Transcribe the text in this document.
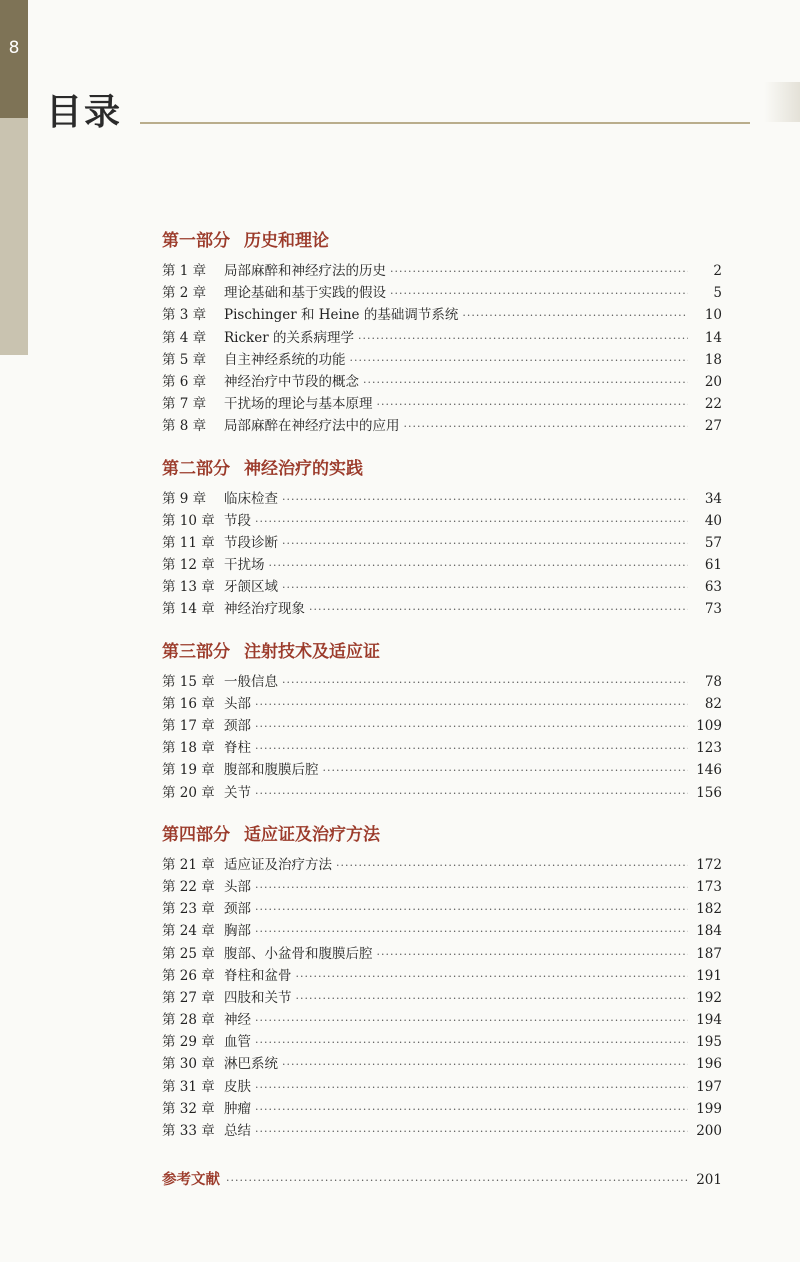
8
目录
第一部分 历史和理论
第 1 章	局部麻醉和神经疗法的历史 ·····	2
第 2 章	理论基础和基于实践的假设 ·····	5
第 3 章	Pischinger 和 Heine 的基础调节系统 ·····	10
第 4 章	Ricker 的关系病理学 ·····	14
第 5 章	自主神经系统的功能 ·····	18
第 6 章	神经治疗中节段的概念 ·····	20
第 7 章	干扰场的理论与基本原理 ·····	22
第 8 章	局部麻醉在神经疗法中的应用 ·····	27
第二部分 神经治疗的实践
第 9 章	临床检查 ·····	34
第 10 章 节段 ·····	40
第 11 章 节段诊断 ·····	57
第 12 章 干扰场 ·····	61
第 13 章 牙颌区域 ·····	63
第 14 章 神经治疗现象 ·····	73
第三部分 注射技术及适应证
第 15 章 一般信息 ·····	78
第 16 章 头部 ·····	82
第 17 章 颈部 ·····	109
第 18 章 脊柱 ·····	123
第 19 章 腹部和腹膜后腔 ·····	146
第 20 章 关节 ·····	156
第四部分 适应证及治疗方法
第 21 章 适应证及治疗方法 ·····	172
第 22 章 头部 ·····	173
第 23 章 颈部 ·····	182
第 24 章 胸部 ·····	184
第 25 章 腹部、小盆骨和腹膜后腔 ·····	187
第 26 章 脊柱和盆骨 ·····	191
第 27 章 四肢和关节 ·····	192
第 28 章 神经 ·····	194
第 29 章 血管 ·····	195
第 30 章 淋巴系统 ·····	196
第 31 章 皮肤 ·····	197
第 32 章 肿瘤 ·····	199
第 33 章 总结 ·····	200
参考文献 ·····	201
